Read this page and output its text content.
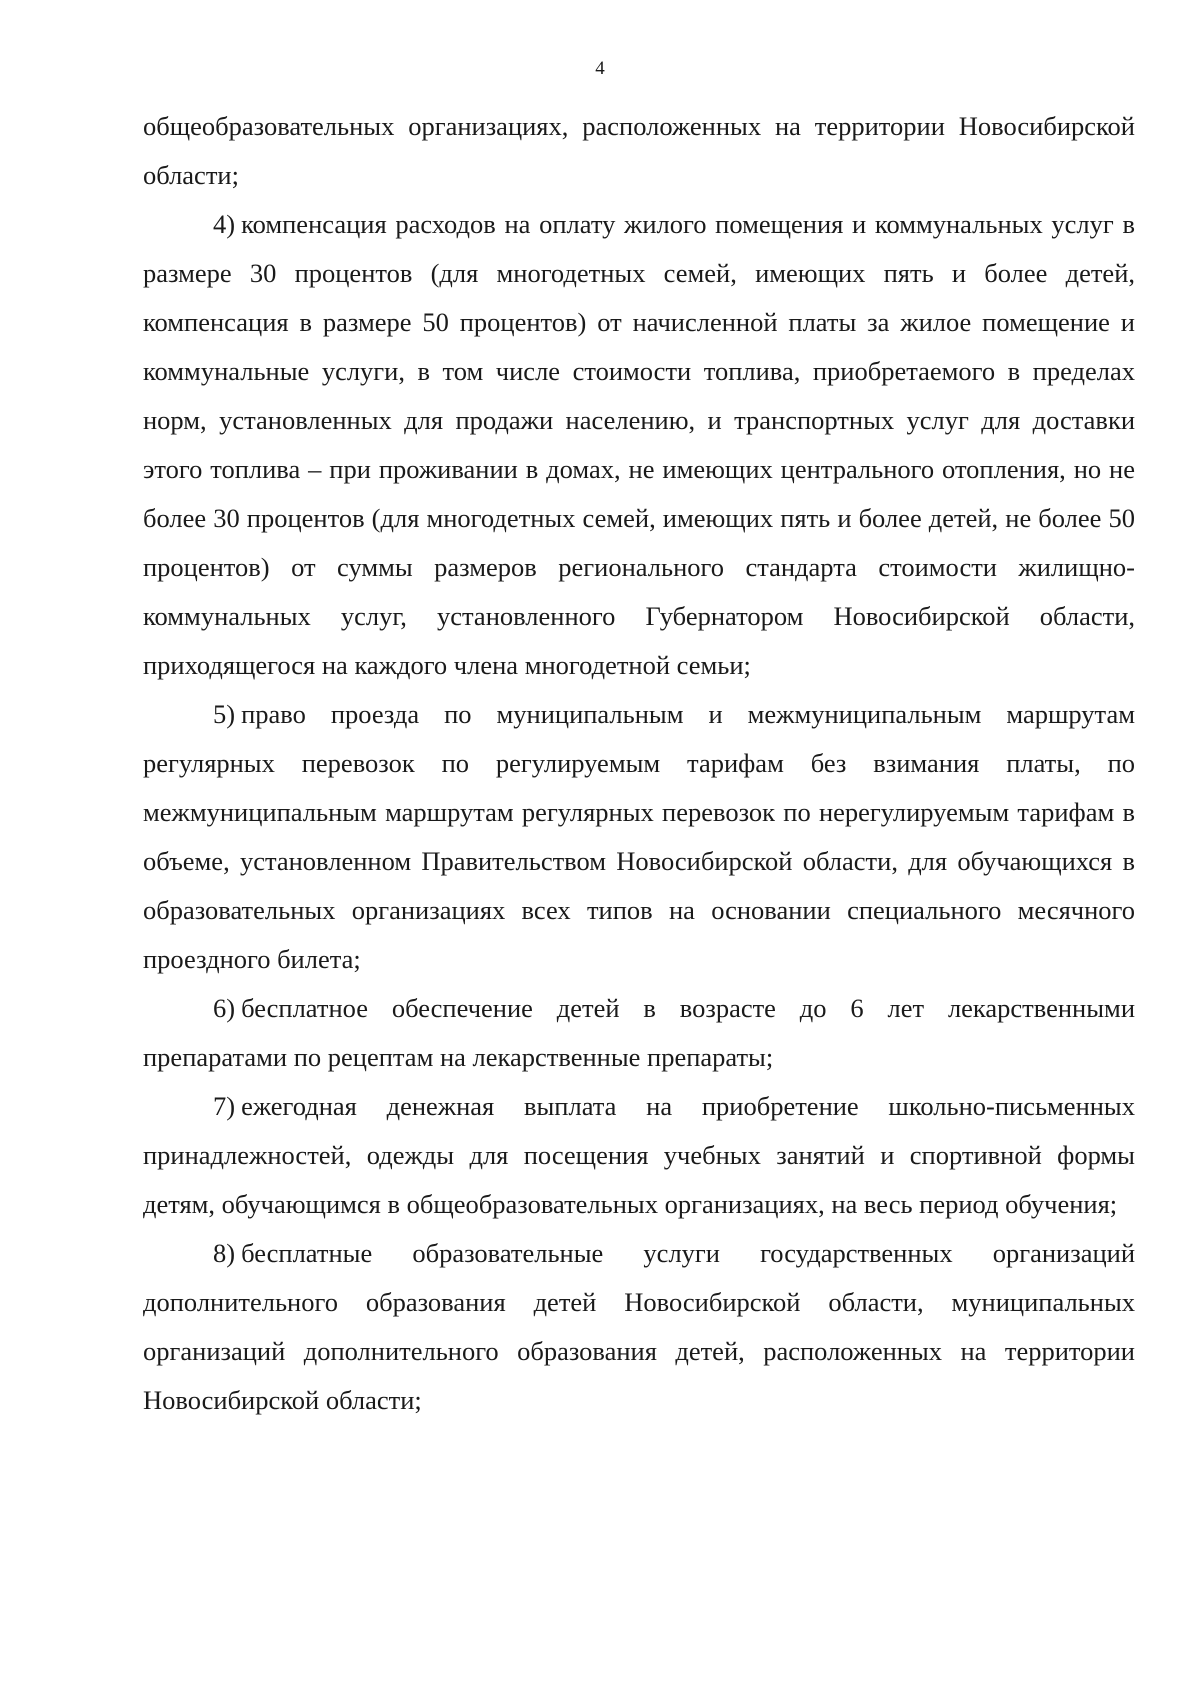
4

общеобразовательных организациях, расположенных на территории Новосибирской области;

4) компенсация расходов на оплату жилого помещения и коммунальных услуг в размере 30 процентов (для многодетных семей, имеющих пять и более детей, компенсация в размере 50 процентов) от начисленной платы за жилое помещение и коммунальные услуги, в том числе стоимости топлива, приобретаемого в пределах норм, установленных для продажи населению, и транспортных услуг для доставки этого топлива – при проживании в домах, не имеющих центрального отопления, но не более 30 процентов (для многодетных семей, имеющих пять и более детей, не более 50 процентов) от суммы размеров регионального стандарта стоимости жилищно-коммунальных услуг, установленного Губернатором Новосибирской области, приходящегося на каждого члена многодетной семьи;

5) право проезда по муниципальным и межмуниципальным маршрутам регулярных перевозок по регулируемым тарифам без взимания платы, по межмуниципальным маршрутам регулярных перевозок по нерегулируемым тарифам в объеме, установленном Правительством Новосибирской области, для обучающихся в образовательных организациях всех типов на основании специального месячного проездного билета;

6) бесплатное обеспечение детей в возрасте до 6 лет лекарственными препаратами по рецептам на лекарственные препараты;

7) ежегодная денежная выплата на приобретение школьно-письменных принадлежностей, одежды для посещения учебных занятий и спортивной формы детям, обучающимся в общеобразовательных организациях, на весь период обучения;

8) бесплатные образовательные услуги государственных организаций дополнительного образования детей Новосибирской области, муниципальных организаций дополнительного образования детей, расположенных на территории Новосибирской области;
